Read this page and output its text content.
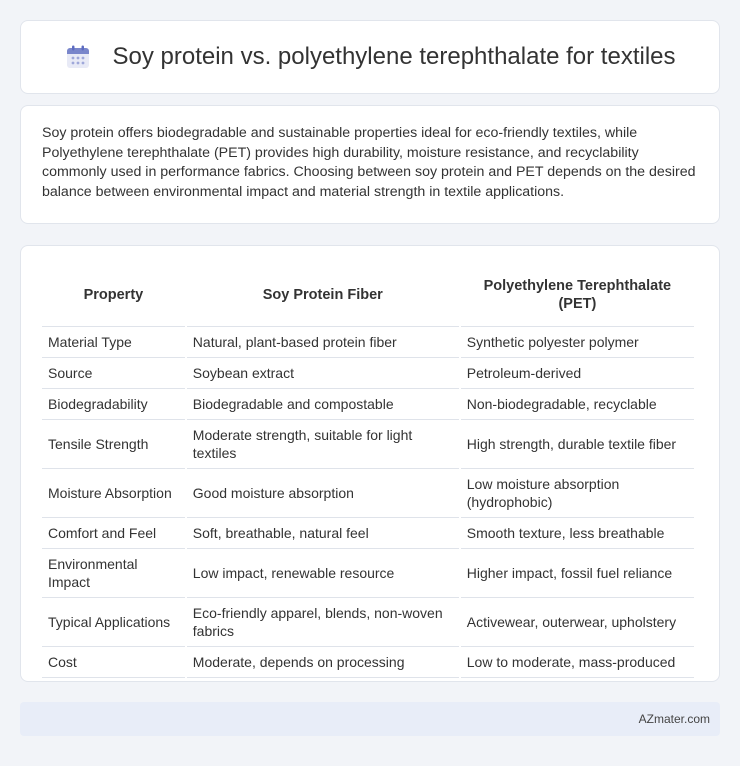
Soy protein vs. polyethylene terephthalate for textiles

Soy protein offers biodegradable and sustainable properties ideal for eco-friendly textiles, while Polyethylene terephthalate (PET) provides high durability, moisture resistance, and recyclability commonly used in performance fabrics. Choosing between soy protein and PET depends on the desired balance between environmental impact and material strength in textile applications.

Property	Soy Protein Fiber	Polyethylene Terephthalate (PET)
Material Type	Natural, plant-based protein fiber	Synthetic polyester polymer
Source	Soybean extract	Petroleum-derived
Biodegradability	Biodegradable and compostable	Non-biodegradable, recyclable
Tensile Strength	Moderate strength, suitable for light textiles	High strength, durable textile fiber
Moisture Absorption	Good moisture absorption	Low moisture absorption (hydrophobic)
Comfort and Feel	Soft, breathable, natural feel	Smooth texture, less breathable
Environmental Impact	Low impact, renewable resource	Higher impact, fossil fuel reliance
Typical Applications	Eco-friendly apparel, blends, non-woven fabrics	Activewear, outerwear, upholstery
Cost	Moderate, depends on processing	Low to moderate, mass-produced
AZmater.com
